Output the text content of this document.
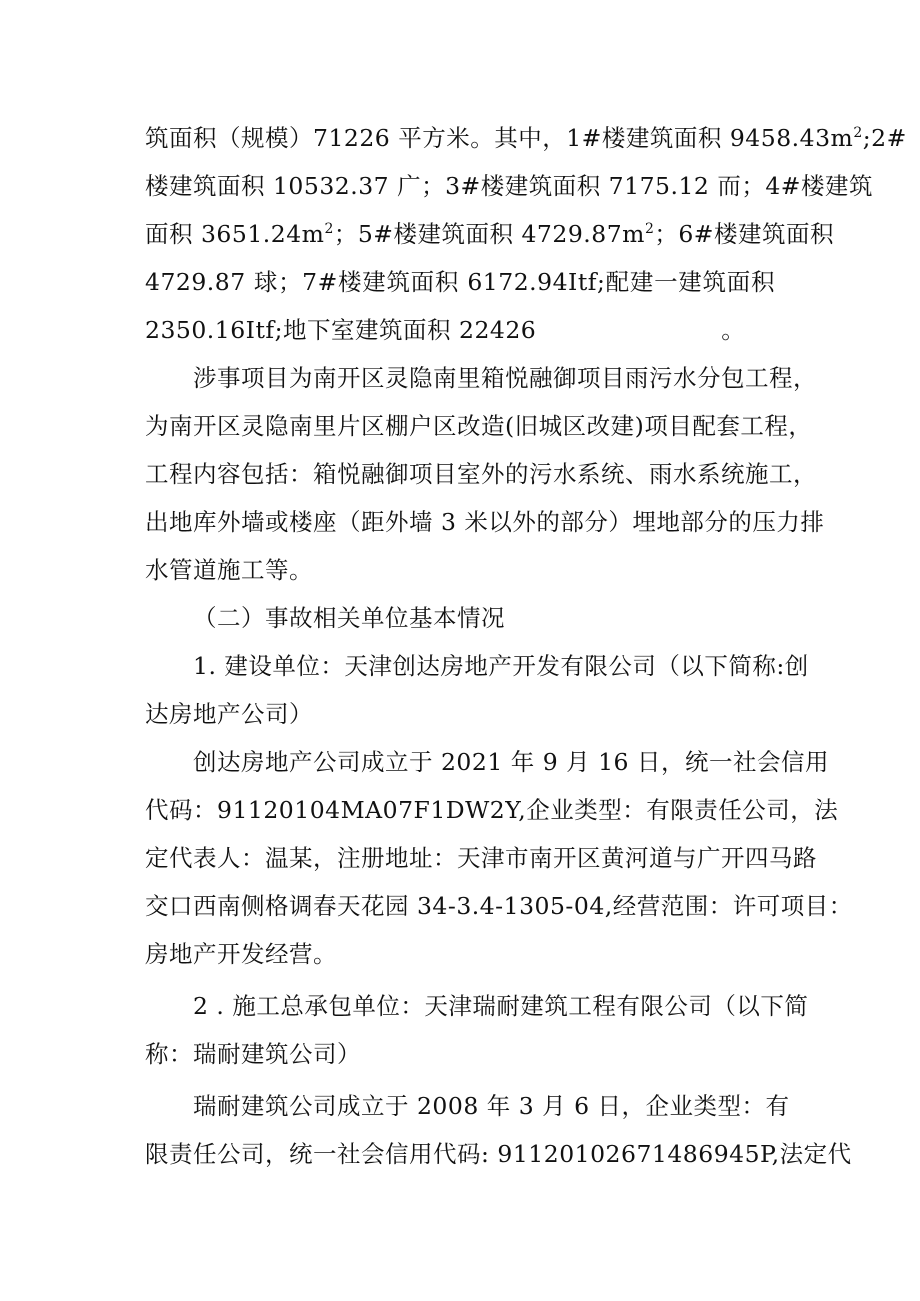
筑面积（规模）71226 平方米。其中，1#楼建筑面积 $9458.43m^2;2\#$
楼建筑面积 10532.37 广；3#楼建筑面积 7175.12 而；4#楼建筑
面积 $3651.24m^2$；5#楼建筑面积 $4729.87m^2$；6#楼建筑面积
4729.87 球；7#楼建筑面积 6172.94Itf;配建一建筑面积
2350.16Itf;地下室建筑面积 22426	。
涉事项目为南开区灵隐南里箱悦融御项目雨污水分包工程，
为南开区灵隐南里片区棚户区改造(旧城区改建)项目配套工程，
工程内容包括：箱悦融御项目室外的污水系统、雨水系统施工，
出地库外墙或楼座（距外墙 3 米以外的部分）埋地部分的压力排
水管道施工等。
（二）事故相关单位基本情况
1. 建设单位：天津创达房地产开发有限公司（以下简称:创
达房地产公司）
创达房地产公司成立于 2021 年 9 月 16 日，统一社会信用
代码：91120104MA07F1DW2Y,企业类型：有限责任公司，法
定代表人：温某，注册地址：天津市南开区黄河道与广开四马路
交口西南侧格调春天花园 34-3.4-1305-04,经营范围：许可项目：
房地产开发经营。
2 . 施工总承包单位：天津瑞耐建筑工程有限公司（以下简
称：瑞耐建筑公司）
瑞耐建筑公司成立于 2008 年 3 月 6 日，企业类型：有
限责任公司，统一社会信用代码: 91120102671486945P,法定代
